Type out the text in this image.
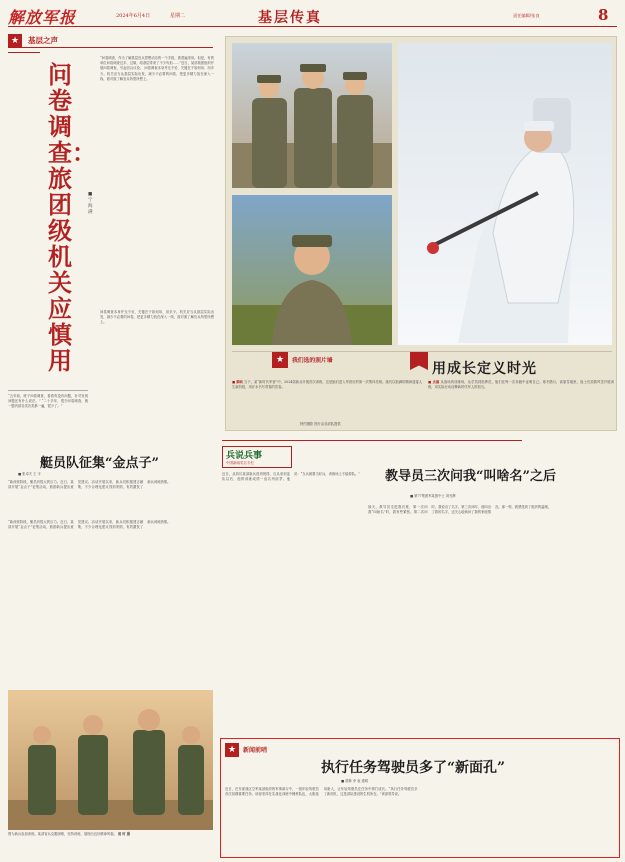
解放军报	2024年6月4日	星期二	基层传真	责任编辑/张良	8
★	基层之声
问卷调查：旅团级机关应慎用
■ 宁海 满
“问卷调查，作为了解基层官兵思想动态的一个手段，被普遍采用。但是，有的单位问卷调查过多、过频，给基层带来了不少负担……”近日，某部旅团组织开展问卷调查，引起官兵议论。 问卷调查本身并无不妥，关键在于如何用、用多少。机关应当从基层实际出发，减少不必要的问卷，把更多精力放在深入一线、面对面了解官兵所思所想上。
“五年前，班子问卷调查，看看有没有问题，针对发现问题还有什么说法。” “二十多年，很少问卷调查，就一题内部各类各类都一遍，很少了。”
问卷调查本身并无不妥，关键在于如何用、用多少。机关应当从基层实际出发，减少不必要的问卷，把更多精力放在深入一线、面对面了解官兵所思所想上。
★	我们选的照片墙	用成长定义时光
■ 瞬间 当下，某“新时代军营”中，2024届新兵开展首次训练，这是她们进入军营后的第一次集体亮相。她们以饱满的精神迎接人生新阶段，用汗水书写青春的答卷。
■ 点滴 从战场到训练场，从学员到指挥员，他们在每一次奔跑中证明自己。寒冬腊月，高原雪地里，战士们顶着风雪开展训练，用实际行动诠释新时代军人的担当。
特约摄影 图片由各部队提供
艇员队征集“金点子”
■ 张卓夫 王 平
“新训营阶段，艇员有很大的压力。近日，某部开展“金点子”征集活动，鼓励新兵提出意见建议。活动开展以来，新兵们积极建言献策，不少合理化建议得到采纳，有效激发了新兵训练热情。
“新训营阶段，艇员有很大的压力。近日，某部开展“金点子”征集活动，鼓励新兵提出意见建议。活动开展以来，新兵们积极建言献策，不少合理化建议得到采纳，有效激发了新兵训练热情。
图为新兵参加训练。某部官兵克服困难，坚持训练，展现出良好精神风貌。 周 时 摄
兵说兵事
中国新闻奖名专栏
近日，从四川某部新兵营到班排，自从来到连队以后，他的训练成绩一直名列前茅。他说：“当兵就要当好兵，训练场上不能掉队。” 教导员三次问我“叫啥名”之后
■ 第77集团军某旅中士 刘光辉
那天，教导员走进我们班，第一次问我“叫啥名”时，我有些紧张。第二次问时，我说出了名字。第三次问时，他叫出了我的名字，还关心地询问了我的家庭情况。那一刻，我感受到了组织的温暖。
★	新闻前哨
执行任务驾驶员多了“新面孔”
■ 胡林 李 表 建明
近日，在东部战区空军某部组织的军事演习中，一批年轻驾驶员首次担纲重要任务。该部坚持在实战化训练中锤炼队伍，大胆选用新人，让年轻驾驶员在任务中摔打成长。“执行任务驾驶员多了新面孔，这是部队建设的生机所在。”该部领导说。
